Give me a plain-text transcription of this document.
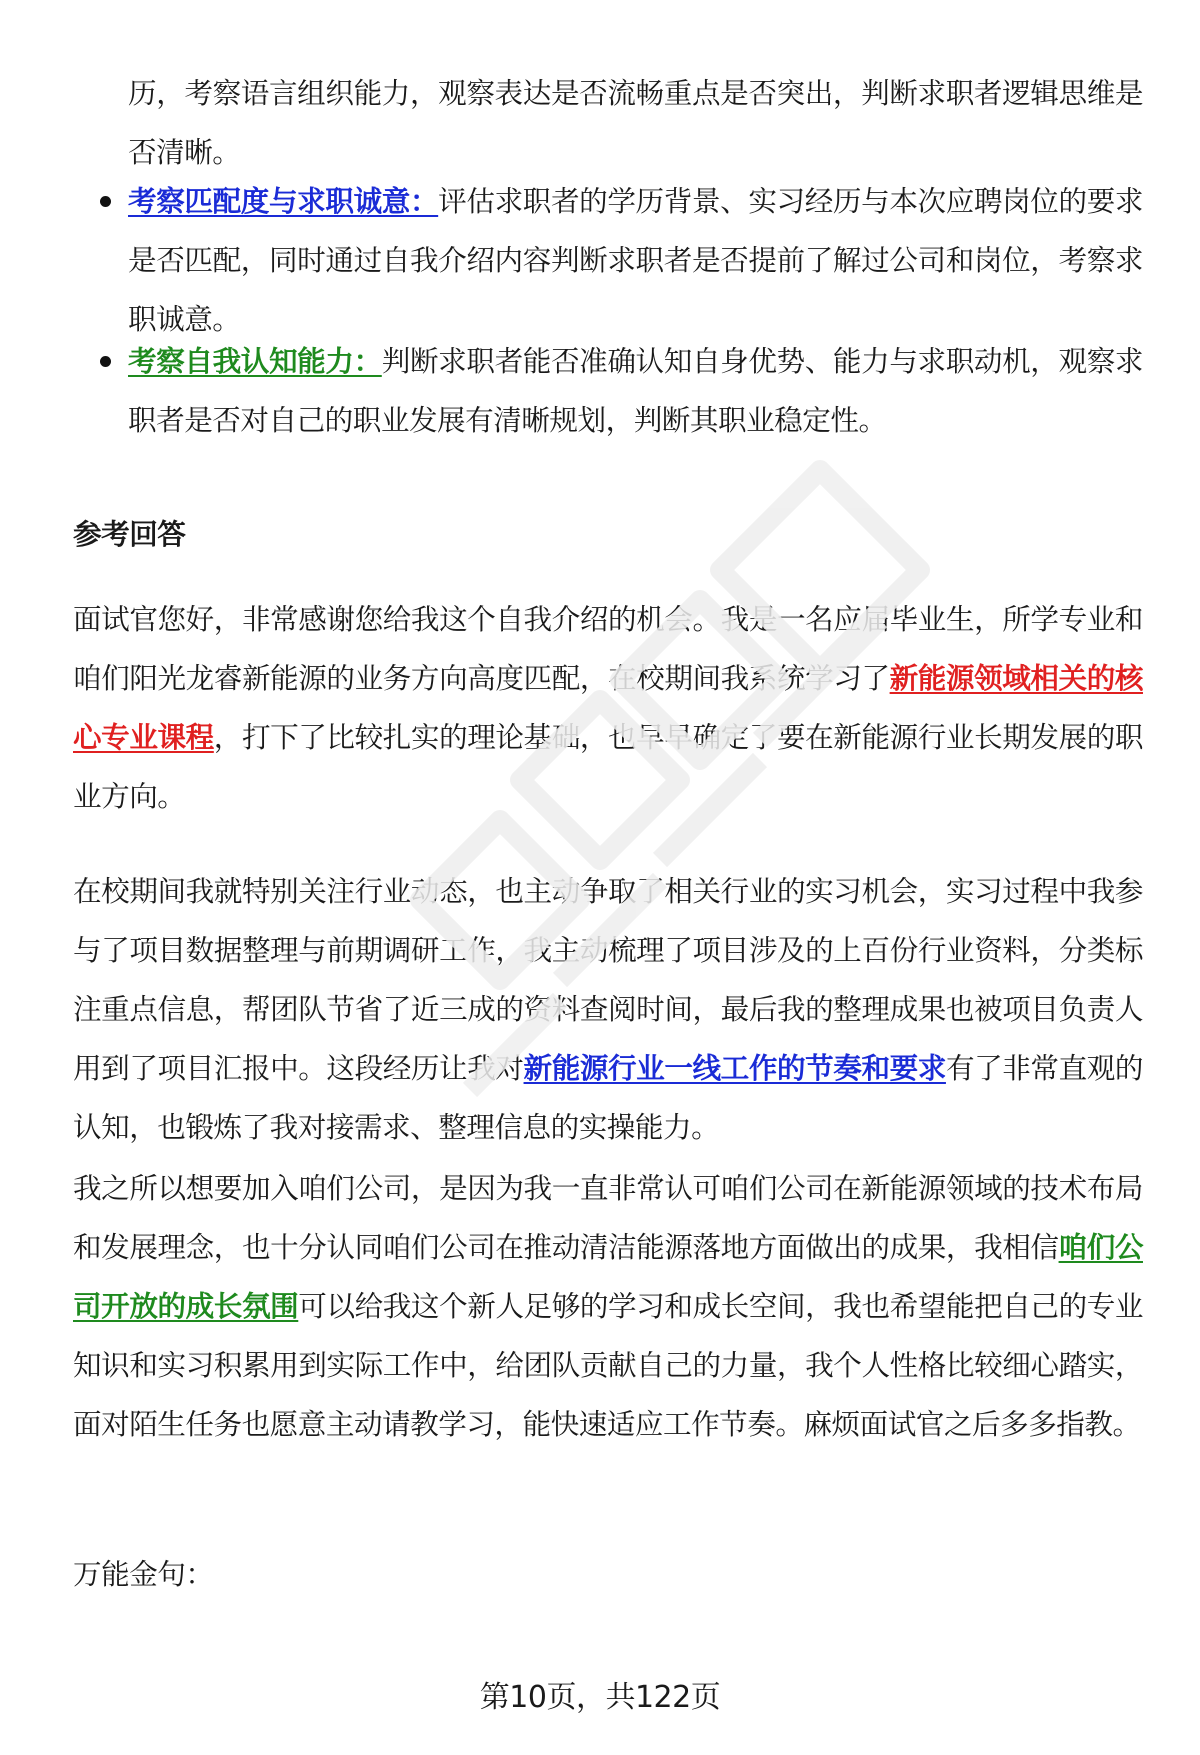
历，考察语言组织能力，观察表达是否流畅重点是否突出，判断求职者逻辑思维是否清晰。

考察匹配度与求职诚意：评估求职者的学历背景、实习经历与本次应聘岗位的要求是否匹配，同时通过自我介绍内容判断求职者是否提前了解过公司和岗位，考察求职诚意。

考察自我认知能力：判断求职者能否准确认知自身优势、能力与求职动机，观察求职者是否对自己的职业发展有清晰规划，判断其职业稳定性。

参考回答

面试官您好，非常感谢您给我这个自我介绍的机会。我是一名应届毕业生，所学专业和咱们阳光龙睿新能源的业务方向高度匹配，在校期间我系统学习了新能源领域相关的核心专业课程，打下了比较扎实的理论基础，也早早确定了要在新能源行业长期发展的职业方向。

在校期间我就特别关注行业动态，也主动争取了相关行业的实习机会，实习过程中我参与了项目数据整理与前期调研工作，我主动梳理了项目涉及的上百份行业资料，分类标注重点信息，帮团队节省了近三成的资料查阅时间，最后我的整理成果也被项目负责人用到了项目汇报中。这段经历让我对新能源行业一线工作的节奏和要求有了非常直观的认知，也锻炼了我对接需求、整理信息的实操能力。

我之所以想要加入咱们公司，是因为我一直非常认可咱们公司在新能源领域的技术布局和发展理念，也十分认同咱们公司在推动清洁能源落地方面做出的成果，我相信咱们公司开放的成长氛围可以给我这个新人足够的学习和成长空间，我也希望能把自己的专业知识和实习积累用到实际工作中，给团队贡献自己的力量，我个人性格比较细心踏实，面对陌生任务也愿意主动请教学习，能快速适应工作节奏。麻烦面试官之后多多指教。

万能金句：

第10页，共122页
